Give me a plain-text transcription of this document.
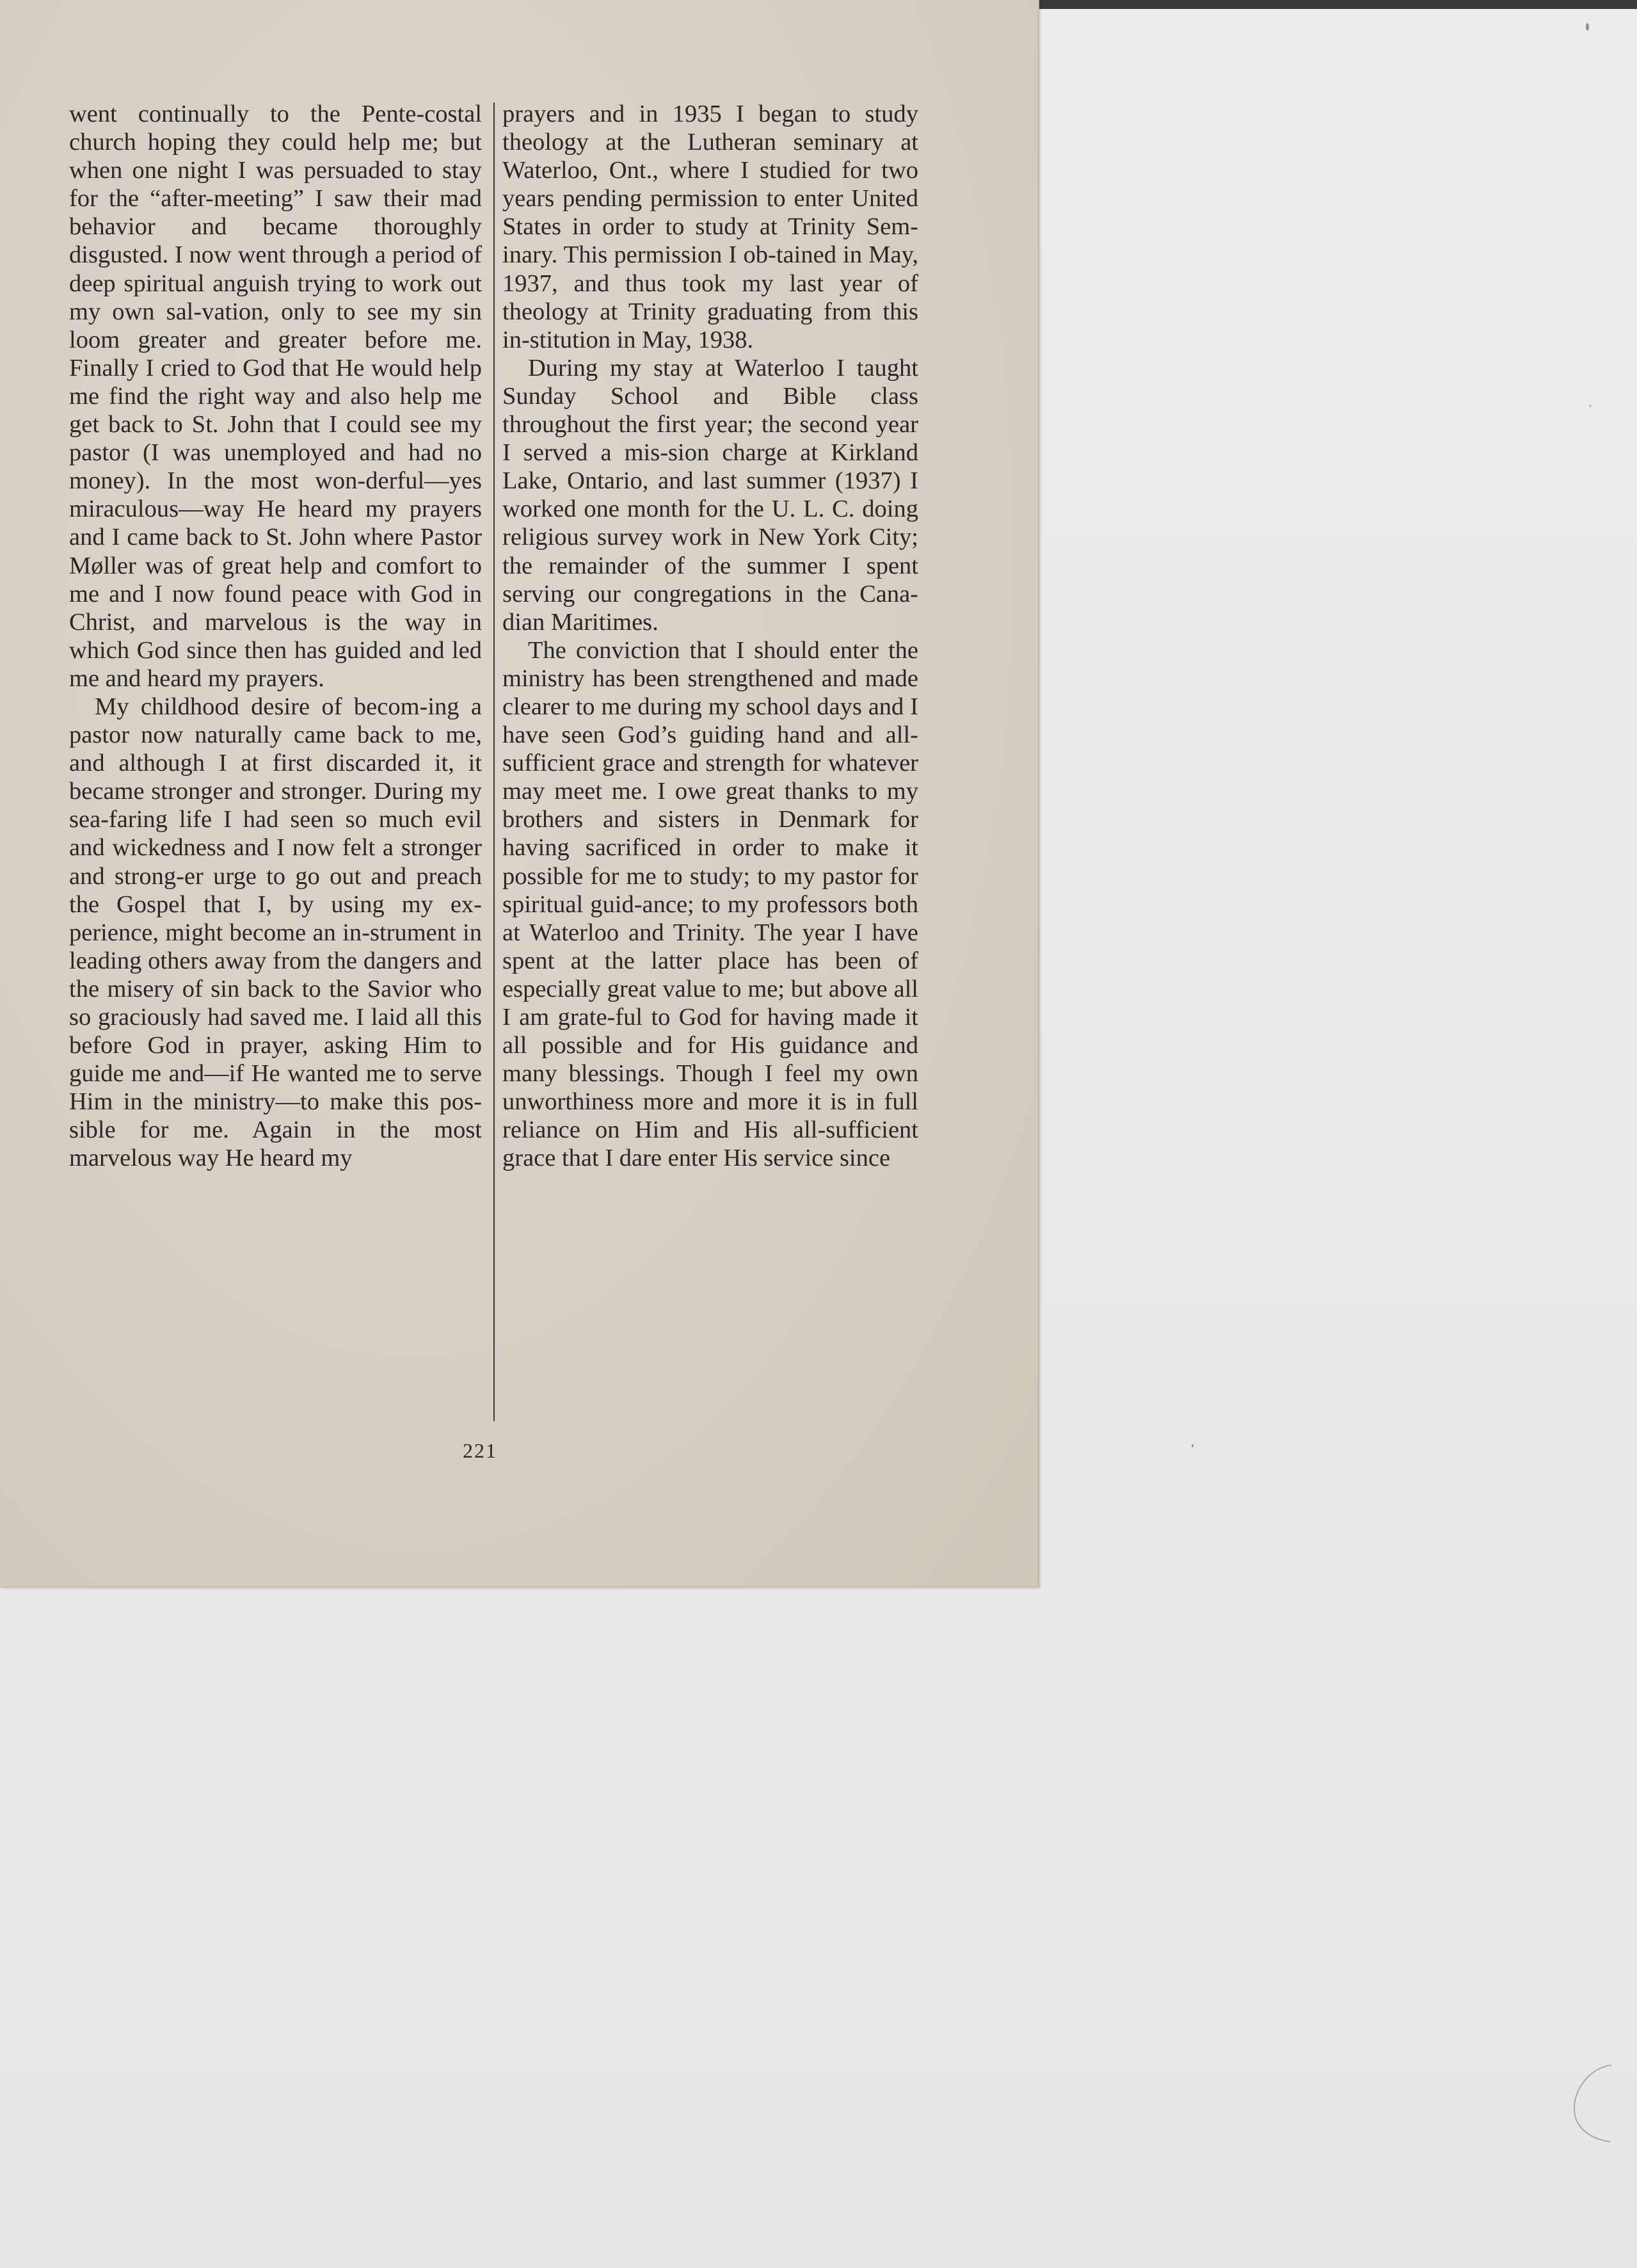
went continually to the Pente-costal church hoping they could help me; but when one night I was persuaded to stay for the “after-meeting” I saw their mad behavior and became thoroughly disgusted. I now went through a period of deep spiritual anguish trying to work out my own sal-vation, only to see my sin loom greater and greater before me. Finally I cried to God that He would help me find the right way and also help me get back to St. John that I could see my pastor (I was unemployed and had no money). In the most won-derful—yes miraculous—way He heard my prayers and I came back to St. John where Pastor Møller was of great help and comfort to me and I now found peace with God in Christ, and marvelous is the way in which God since then has guided and led me and heard my prayers.

My childhood desire of becom-ing a pastor now naturally came back to me, and although I at first discarded it, it became stronger and stronger. During my sea-faring life I had seen so much evil and wickedness and I now felt a stronger and strong-er urge to go out and preach the Gospel that I, by using my ex-perience, might become an in-strument in leading others away from the dangers and the misery of sin back to the Savior who so graciously had saved me. I laid all this before God in prayer, asking Him to guide me and—if He wanted me to serve Him in the ministry—to make this pos-sible for me. Again in the most marvelous way He heard my

prayers and in 1935 I began to study theology at the Lutheran seminary at Waterloo, Ont., where I studied for two years pending permission to enter United States in order to study at Trinity Sem-inary. This permission I ob-tained in May, 1937, and thus took my last year of theology at Trinity graduating from this in-stitution in May, 1938.

During my stay at Waterloo I taught Sunday School and Bible class throughout the first year; the second year I served a mis-sion charge at Kirkland Lake, Ontario, and last summer (1937) I worked one month for the U. L. C. doing religious survey work in New York City; the remainder of the summer I spent serving our congregations in the Cana-dian Maritimes.

The conviction that I should enter the ministry has been strengthened and made clearer to me during my school days and I have seen God’s guiding hand and all-sufficient grace and strength for whatever may meet me. I owe great thanks to my brothers and sisters in Denmark for having sacrificed in order to make it possible for me to study; to my pastor for spiritual guid-ance; to my professors both at Waterloo and Trinity. The year I have spent at the latter place has been of especially great value to me; but above all I am grate-ful to God for having made it all possible and for His guidance and many blessings. Though I feel my own unworthiness more and more it is in full reliance on Him and His all-sufficient grace that I dare enter His service since

221
